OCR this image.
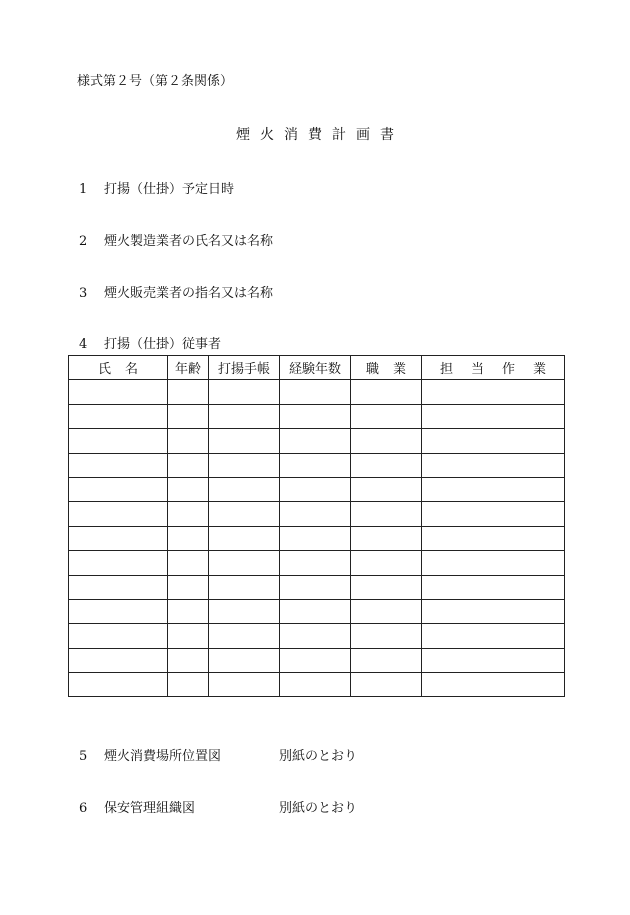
様式第２号（第２条関係）
煙火消費計画書
1 打揚（仕掛）予定日時
2 煙火製造業者の氏名又は名称
3 煙火販売業者の指名又は名称
4 打揚（仕掛）従事者
氏名	年齢	打揚手帳	経験年数	職業	担当作業

5 煙火消費場所位置図	別紙のとおり
6 保安管理組織図	別紙のとおり
